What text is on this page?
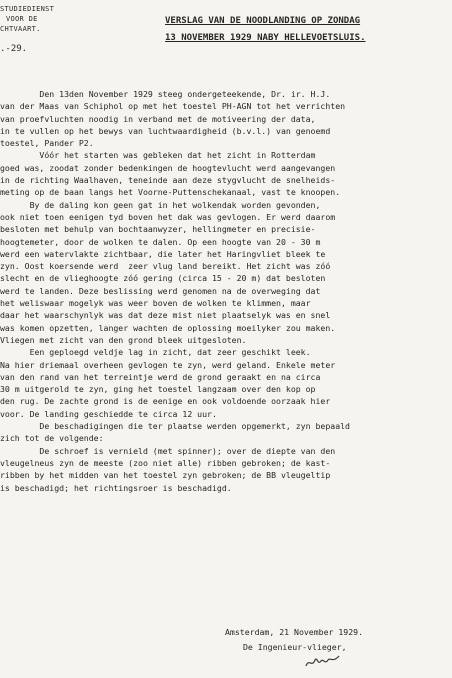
STUDIEDIENST
VOOR DE
CHTVAART.
.-29.
VERSLAG VAN DE NOODLANDING OP ZONDAG
13 NOVEMBER 1929 NABY HELLEVOETSLUIS.
Den 13den November 1929 steeg ondergeteekende, Dr. ir. H.J.
van der Maas van Schiphol op met het toestel PH-AGN tot het verrichten
van proefvluchten noodig in verband met de motiveering der data,
in te vullen op het bewys van luchtwaardigheid (b.v.l.) van genoemd
toestel, Pander P2.
Vóór het starten was gebleken dat het zicht in Rotterdam
goed was, zoodat zonder bedenkingen de hoogtevlucht werd aangevangen
in de richting Waalhaven, teneinde aan deze stygvlucht de snelheids-
meting op de baan langs het Voorne-Puttenschekanaal, vast te knoopen.
By de daling kon geen gat in het wolkendak worden gevonden,
ook niet toen eenigen tyd boven het dak was gevlogen. Er werd daarom
besloten met behulp van bochtaanwyzer, hellingmeter en precisie-
hoogtemeter, door de wolken te dalen. Op een hoogte van 20 - 30 m
werd een watervlakte zichtbaar, die later het Haringvliet bleek te
zyn. Oost koersende werd  zeer vlug land bereikt. Het zicht was zóó
slecht en de vlieghoogte zóó gering (circa 15 - 20 m) dat besloten
werd te landen. Deze beslissing werd genomen na de overweging dat
het weliswaar mogelyk was weer boven de wolken te klimmen, maar
daar het waarschynlyk was dat deze mist niet plaatselyk was en snel
was komen opzetten, langer wachten de oplossing moeilyker zou maken.
Vliegen met zicht van den grond bleek uitgesloten.
Een geploegd veldje lag in zicht, dat zeer geschikt leek.
Na hier driemaal overheen gevlogen te zyn, werd geland. Enkele meter
van den rand van het terreintje werd de grond geraakt en na circa
30 m uitgerold te zyn, ging het toestel langzaam over den kop op
den rug. De zachte grond is de eenige en ook voldoende oorzaak hier
voor. De landing geschiedde te circa 12 uur.
De beschadigingen die ter plaatse werden opgemerkt, zyn bepaald
zich tot de volgende:
De schroef is vernield (met spinner); over de diepte van den
vleugelneus zyn de meeste (zoo niet alle) ribben gebroken; de kast-
ribben by het midden van het toestel zyn gebroken; de BB vleugeltip
is beschadigd; het richtingsroer is beschadigd.
Amsterdam, 21 November 1929.
De Ingenieur-vlieger,
